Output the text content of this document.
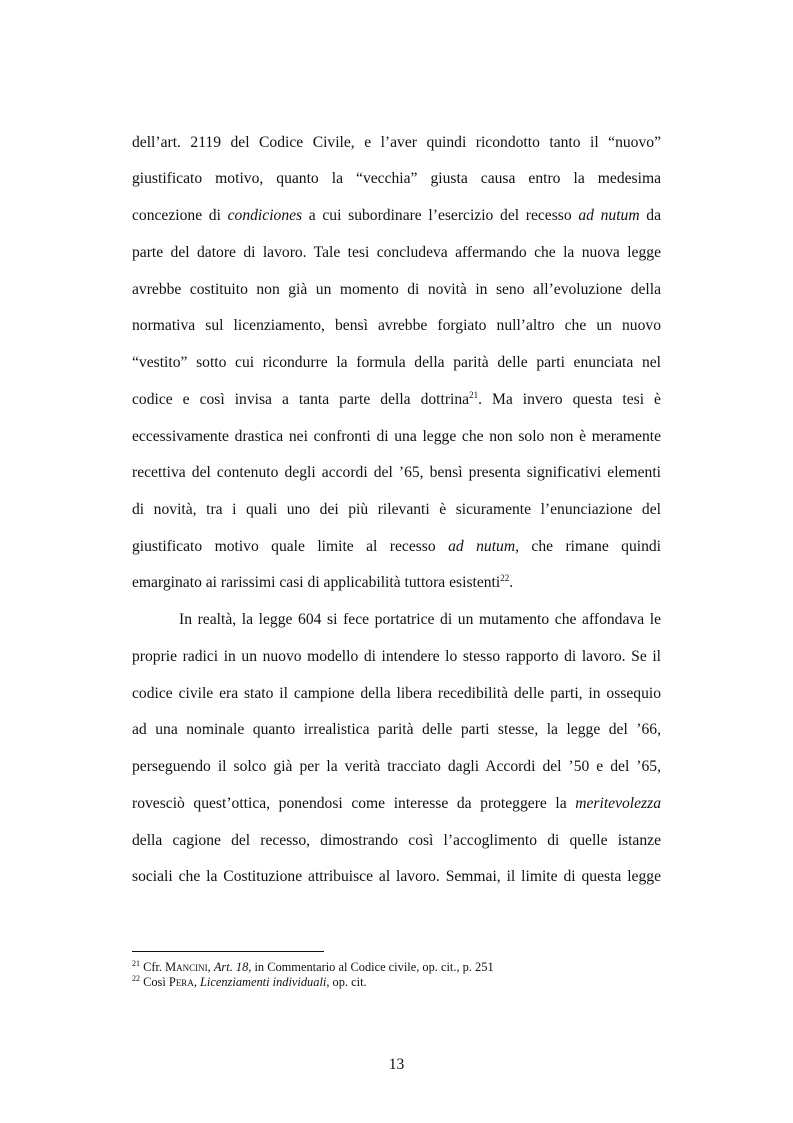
dell’art. 2119 del Codice Civile, e l’aver quindi ricondotto tanto il “nuovo”
giustificato motivo, quanto la “vecchia” giusta causa entro la medesima
concezione di condiciones a cui subordinare l’esercizio del recesso ad nutum da
parte del datore di lavoro. Tale tesi concludeva affermando che la nuova legge
avrebbe costituito non già un momento di novità in seno all’evoluzione della
normativa sul licenziamento, bensì avrebbe forgiato null’altro che un nuovo
“vestito” sotto cui ricondurre la formula della parità delle parti enunciata nel
codice e così invisa a tanta parte della dottrina$^{21}$. Ma invero questa tesi è
eccessivamente drastica nei confronti di una legge che non solo non è meramente
recettiva del contenuto degli accordi del ’65, bensì presenta significativi elementi
di novità, tra i quali uno dei più rilevanti è sicuramente l’enunciazione del
giustificato motivo quale limite al recesso ad nutum, che rimane quindi
emarginato ai rarissimi casi di applicabilità tuttora esistenti$^{22}$.
In realtà, la legge 604 si fece portatrice di un mutamento che affondava le
proprie radici in un nuovo modello di intendere lo stesso rapporto di lavoro. Se il
codice civile era stato il campione della libera recedibilità delle parti, in ossequio
ad una nominale quanto irrealistica parità delle parti stesse, la legge del ’66,
perseguendo il solco già per la verità tracciato dagli Accordi del ’50 e del ’65,
rovesciò quest’ottica, ponendosi come interesse da proteggere la meritevolezza
della cagione del recesso, dimostrando così l’accoglimento di quelle istanze
sociali che la Costituzione attribuisce al lavoro. Semmai, il limite di questa legge
$^{21}$ Cfr. Mancini, Art. 18, in Commentario al Codice civile, op. cit., p. 251
$^{22}$ Così Pera, Licenziamenti individuali, op. cit.
13
